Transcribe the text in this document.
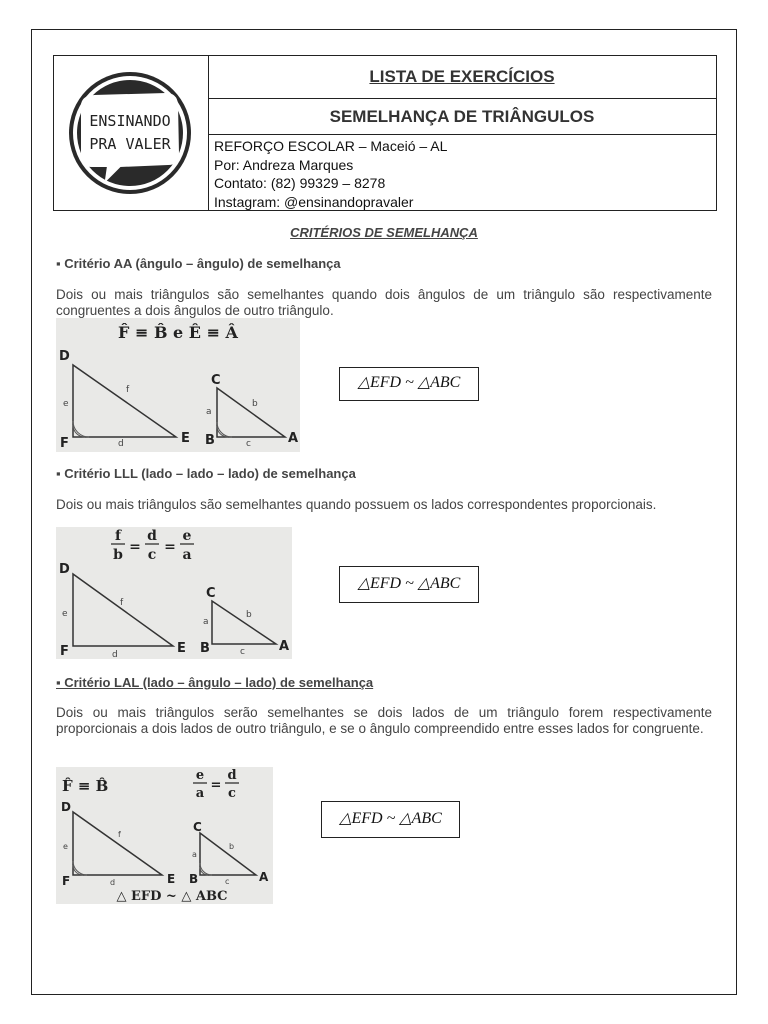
ENSINANDO
PRA VALER
LISTA DE EXERCÍCIOS
SEMELHANÇA DE TRIÂNGULOS
REFORÇO ESCOLAR – Maceió – AL
Por: Andreza Marques
Contato: (82) 99329 – 8278
Instagram: @ensinandopravaler
CRITÉRIOS DE SEMELHANÇA
▪ Critério AA (ângulo – ângulo) de semelhança
Dois ou mais triângulos são semelhantes quando dois ângulos de um triângulo são respectivamente congruentes a dois ângulos de outro triângulo.
F̂ ≡ B̂ e Ê ≡ Â
D
F	E
e
f
d
C
B	A
a
b
c
△EFD ~ △ABC
▪ Critério LLL (lado – lado – lado) de semelhança
Dois ou mais triângulos são semelhantes quando possuem os lados correspondentes proporcionais.
f
b =
d
c =
e
a
D
F	E
e
f
d
C
B	A
a
b
c
△EFD ~ △ABC
▪ Critério LAL (lado – ângulo – lado) de semelhança
Dois ou mais triângulos serão semelhantes se dois lados de um triângulo forem respectivamente proporcionais a dois lados de outro triângulo, e se o ângulo compreendido entre esses lados for congruente.
F̂ ≡ B̂
e
a
=
d
c
D
F	E
e
f
d
C
B	A
a
b
c
△ EFD ~ △ ABC
△EFD ~ △ABC
